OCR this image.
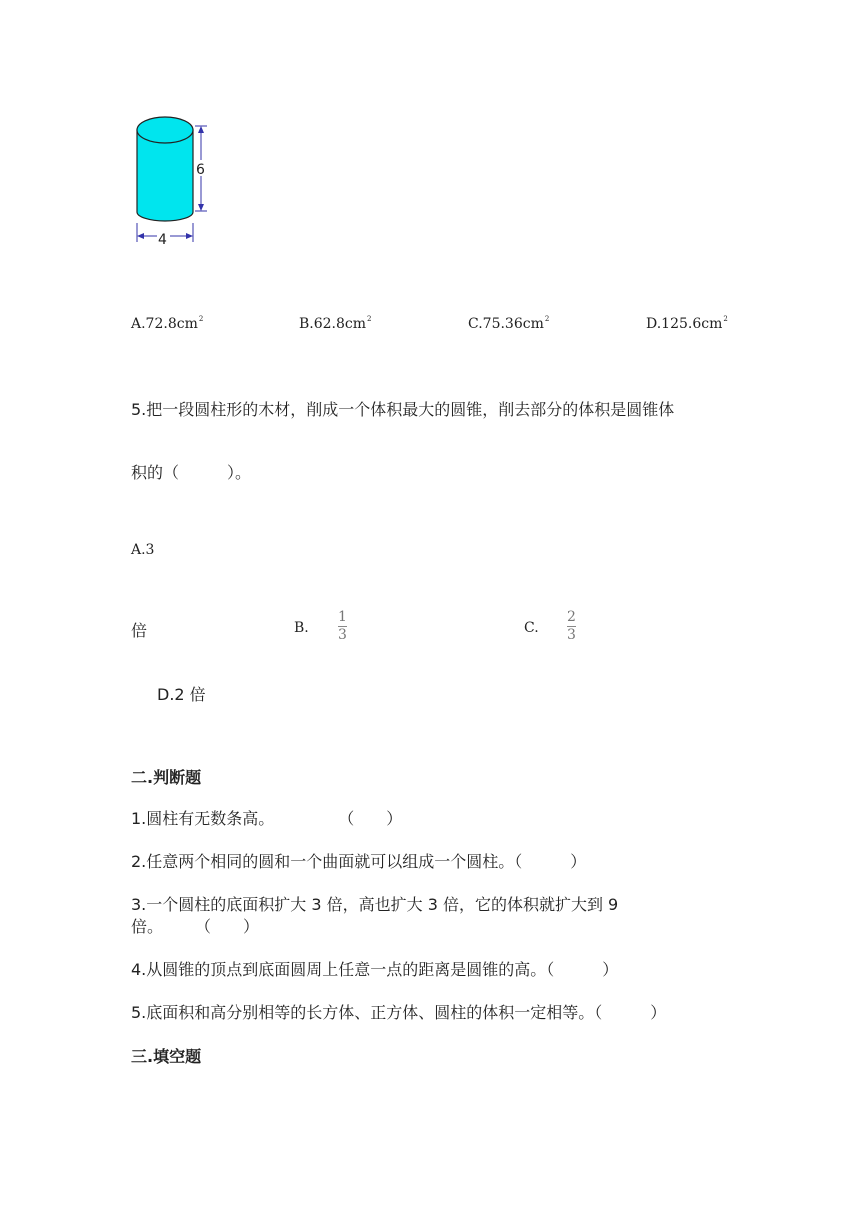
6
4
$A.72.8cm^2$	$B.62.8cm^2$	$C.75.36cm^2$	$D.125.6cm^2$
5.把一段圆柱形的木材，削成一个体积最大的圆锥，削去部分的体积是圆锥体
积的（　　　）。
A.3
倍	B.
1
3	C.
2
3
D.2 倍
二.判断题
1.圆柱有无数条高。　　　　　（　　）
2.任意两个相同的圆和一个曲面就可以组成一个圆柱。（　　　）
3.一个圆柱的底面积扩大 3 倍，高也扩大 3 倍，它的体积就扩大到 9
倍。　　　（　　）
4.从圆锥的顶点到底面圆周上任意一点的距离是圆锥的高。（　　　）
5.底面积和高分别相等的长方体、正方体、圆柱的体积一定相等。（　　　）
三.填空题
